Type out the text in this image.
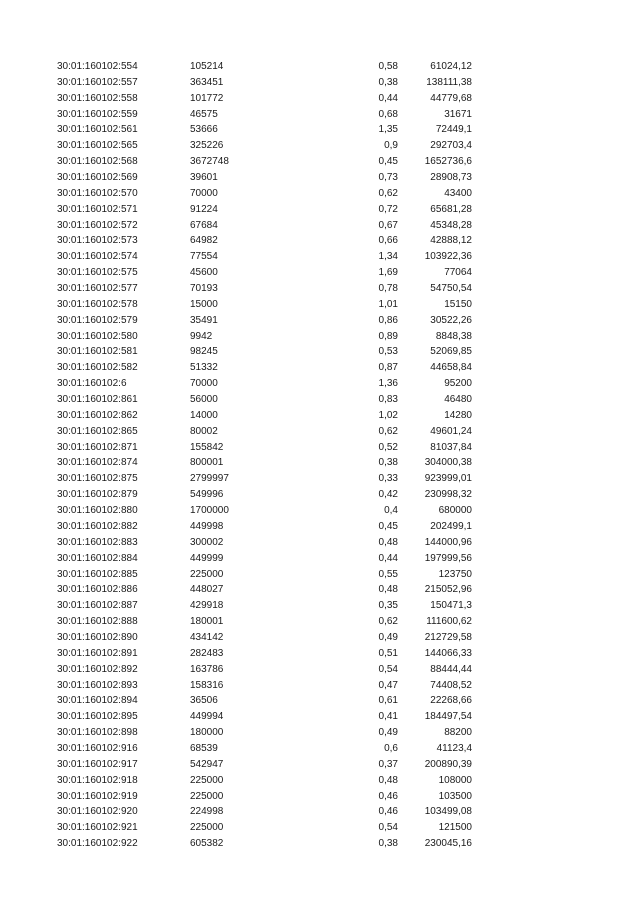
30:01:160102:554	105214	0,58	61024,12
30:01:160102:557	363451	0,38	138111,38
30:01:160102:558	101772	0,44	44779,68
30:01:160102:559	46575	0,68	31671
30:01:160102:561	53666	1,35	72449,1
30:01:160102:565	325226	0,9	292703,4
30:01:160102:568	3672748	0,45	1652736,6
30:01:160102:569	39601	0,73	28908,73
30:01:160102:570	70000	0,62	43400
30:01:160102:571	91224	0,72	65681,28
30:01:160102:572	67684	0,67	45348,28
30:01:160102:573	64982	0,66	42888,12
30:01:160102:574	77554	1,34	103922,36
30:01:160102:575	45600	1,69	77064
30:01:160102:577	70193	0,78	54750,54
30:01:160102:578	15000	1,01	15150
30:01:160102:579	35491	0,86	30522,26
30:01:160102:580	9942	0,89	8848,38
30:01:160102:581	98245	0,53	52069,85
30:01:160102:582	51332	0,87	44658,84
30:01:160102:6	70000	1,36	95200
30:01:160102:861	56000	0,83	46480
30:01:160102:862	14000	1,02	14280
30:01:160102:865	80002	0,62	49601,24
30:01:160102:871	155842	0,52	81037,84
30:01:160102:874	800001	0,38	304000,38
30:01:160102:875	2799997	0,33	923999,01
30:01:160102:879	549996	0,42	230998,32
30:01:160102:880	1700000	0,4	680000
30:01:160102:882	449998	0,45	202499,1
30:01:160102:883	300002	0,48	144000,96
30:01:160102:884	449999	0,44	197999,56
30:01:160102:885	225000	0,55	123750
30:01:160102:886	448027	0,48	215052,96
30:01:160102:887	429918	0,35	150471,3
30:01:160102:888	180001	0,62	111600,62
30:01:160102:890	434142	0,49	212729,58
30:01:160102:891	282483	0,51	144066,33
30:01:160102:892	163786	0,54	88444,44
30:01:160102:893	158316	0,47	74408,52
30:01:160102:894	36506	0,61	22268,66
30:01:160102:895	449994	0,41	184497,54
30:01:160102:898	180000	0,49	88200
30:01:160102:916	68539	0,6	41123,4
30:01:160102:917	542947	0,37	200890,39
30:01:160102:918	225000	0,48	108000
30:01:160102:919	225000	0,46	103500
30:01:160102:920	224998	0,46	103499,08
30:01:160102:921	225000	0,54	121500
30:01:160102:922	605382	0,38	230045,16
